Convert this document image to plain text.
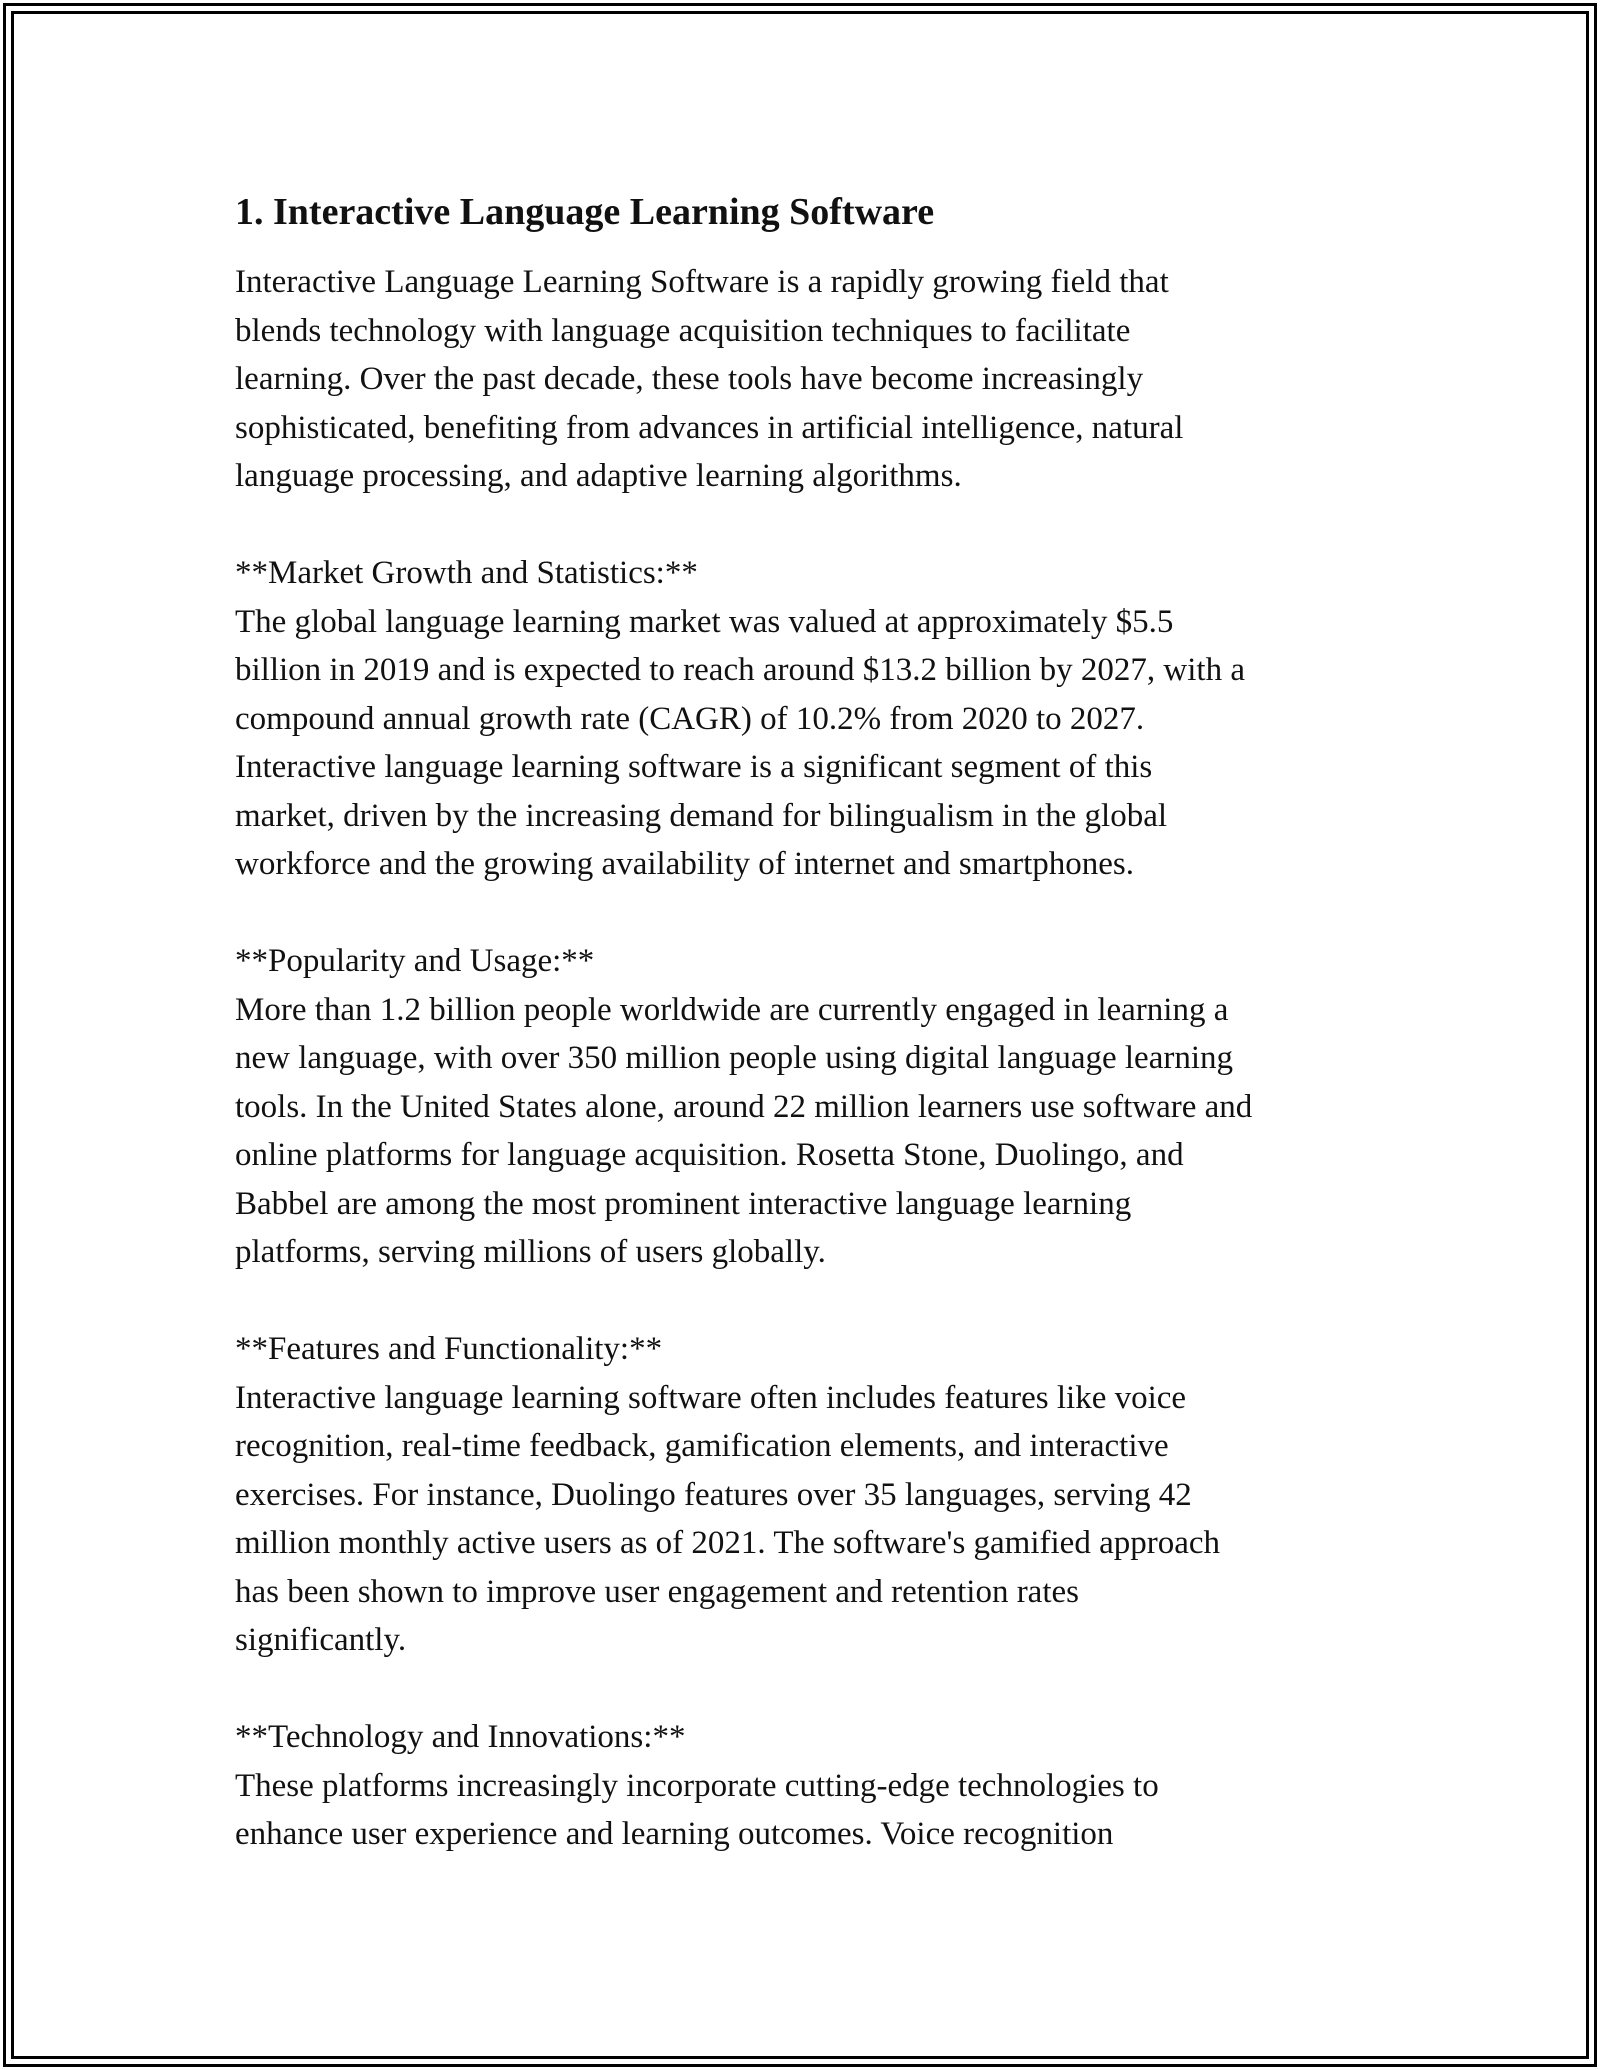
1. Interactive Language Learning Software
Interactive Language Learning Software is a rapidly growing field that
blends technology with language acquisition techniques to facilitate
learning. Over the past decade, these tools have become increasingly
sophisticated, benefiting from advances in artificial intelligence, natural
language processing, and adaptive learning algorithms.
**Market Growth and Statistics:**
The global language learning market was valued at approximately $5.5
billion in 2019 and is expected to reach around $13.2 billion by 2027, with a
compound annual growth rate (CAGR) of 10.2% from 2020 to 2027.
Interactive language learning software is a significant segment of this
market, driven by the increasing demand for bilingualism in the global
workforce and the growing availability of internet and smartphones.
**Popularity and Usage:**
More than 1.2 billion people worldwide are currently engaged in learning a
new language, with over 350 million people using digital language learning
tools. In the United States alone, around 22 million learners use software and
online platforms for language acquisition. Rosetta Stone, Duolingo, and
Babbel are among the most prominent interactive language learning
platforms, serving millions of users globally.
**Features and Functionality:**
Interactive language learning software often includes features like voice
recognition, real-time feedback, gamification elements, and interactive
exercises. For instance, Duolingo features over 35 languages, serving 42
million monthly active users as of 2021. The software's gamified approach
has been shown to improve user engagement and retention rates
significantly.
**Technology and Innovations:**
These platforms increasingly incorporate cutting-edge technologies to
enhance user experience and learning outcomes. Voice recognition
